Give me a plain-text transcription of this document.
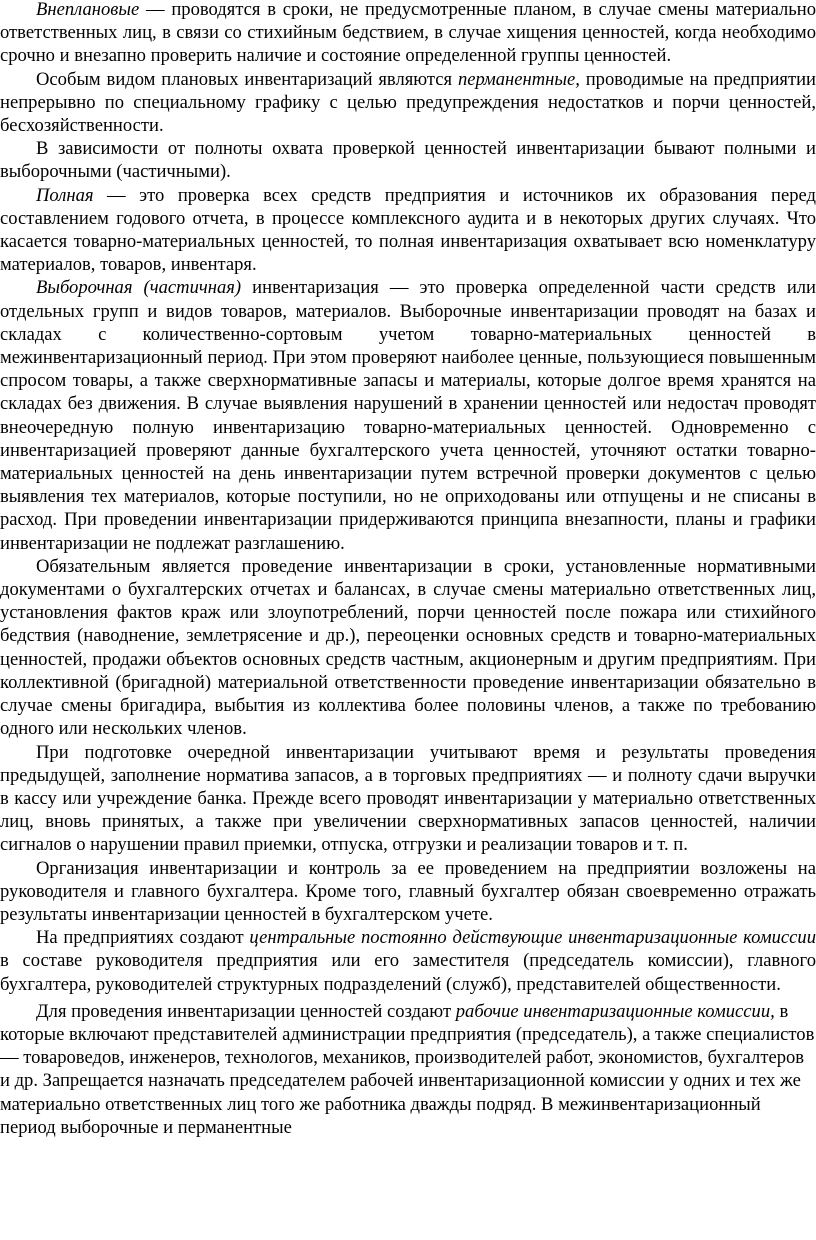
Внеплановые — проводятся в сроки, не предусмотренные планом, в случае смены материально ответственных лиц, в связи со стихийным бедствием, в случае хищения ценностей, когда необходимо срочно и внезапно проверить наличие и состояние определенной группы ценностей.

Особым видом плановых инвентаризаций являются перманентные, проводимые на предприятии непрерывно по специальному графику с целью предупреждения недостатков и порчи ценностей, бесхозяйственности.

В зависимости от полноты охвата проверкой ценностей инвентаризации бывают полными и выборочными (частичными).

Полная — это проверка всех средств предприятия и источников их образования перед составлением годового отчета, в процессе комплексного аудита и в некоторых других случаях. Что касается товарно-материальных ценностей, то полная инвентаризация охватывает всю номенклатуру материалов, товаров, инвентаря.

Выборочная (частичная) инвентаризация — это проверка определенной части средств или отдельных групп и видов товаров, материалов. Выборочные инвентаризации проводят на базах и складах с количественно-сортовым учетом товарно-материальных ценностей в межинвентаризационный период. При этом проверяют наиболее ценные, пользующиеся повышенным спросом товары, а также сверхнормативные запасы и материалы, которые долгое время хранятся на складах без движения. В случае выявления нарушений в хранении ценностей или недостач проводят внеочередную полную инвентаризацию товарно-материальных ценностей. Одновременно с инвентаризацией проверяют данные бухгалтерского учета ценностей, уточняют остатки товарно-материальных ценностей на день инвентаризации путем встречной проверки документов с целью выявления тех материалов, которые поступили, но не оприходованы или отпущены и не списаны в расход. При проведении инвентаризации придерживаются принципа внезапности, планы и графики инвентаризации не подлежат разглашению.

Обязательным является проведение инвентаризации в сроки, установленные нормативными документами о бухгалтерских отчетах и балансах, в случае смены материально ответственных лиц, установления фактов краж или злоупотреблений, порчи ценностей после пожара или стихийного бедствия (наводнение, землетрясение и др.), переоценки основных средств и товарно-материальных ценностей, продажи объектов основных средств частным, акционерным и другим предприятиям. При коллективной (бригадной) материальной ответственности проведение инвентаризации обязательно в случае смены бригадира, выбытия из коллектива более половины членов, а также по требованию одного или нескольких членов.

При подготовке очередной инвентаризации учитывают время и результаты проведения предыдущей, заполнение норматива запасов, а в торговых предприятиях — и полноту сдачи выручки в кассу или учреждение банка. Прежде всего проводят инвентаризации у материально ответственных лиц, вновь принятых, а также при увеличении сверхнормативных запасов ценностей, наличии сигналов о нарушении правил приемки, отпуска, отгрузки и реализации товаров и т. п.

Организация инвентаризации и контроль за ее проведением на предприятии возложены на руководителя и главного бухгалтера. Кроме того, главный бухгалтер обязан своевременно отражать результаты инвентаризации ценностей в бухгалтерском учете.

На предприятиях создают центральные постоянно действующие инвентаризационные комиссии в составе руководителя предприятия или его заместителя (председатель комиссии), главного бухгалтера, руководителей структурных подразделений (служб), представителей общественности.

Для проведения инвентаризации ценностей создают рабочие инвентаризационные комиссии, в которые включают представителей администрации предприятия (председатель), а также специалистов — товароведов, инженеров, технологов, механиков, производителей работ, экономистов, бухгалтеров и др. Запрещается назначать председателем рабочей инвентаризационной комиссии у одних и тех же материально ответственных лиц того же работника дважды подряд. В межинвентаризационный период выборочные и перманентные
